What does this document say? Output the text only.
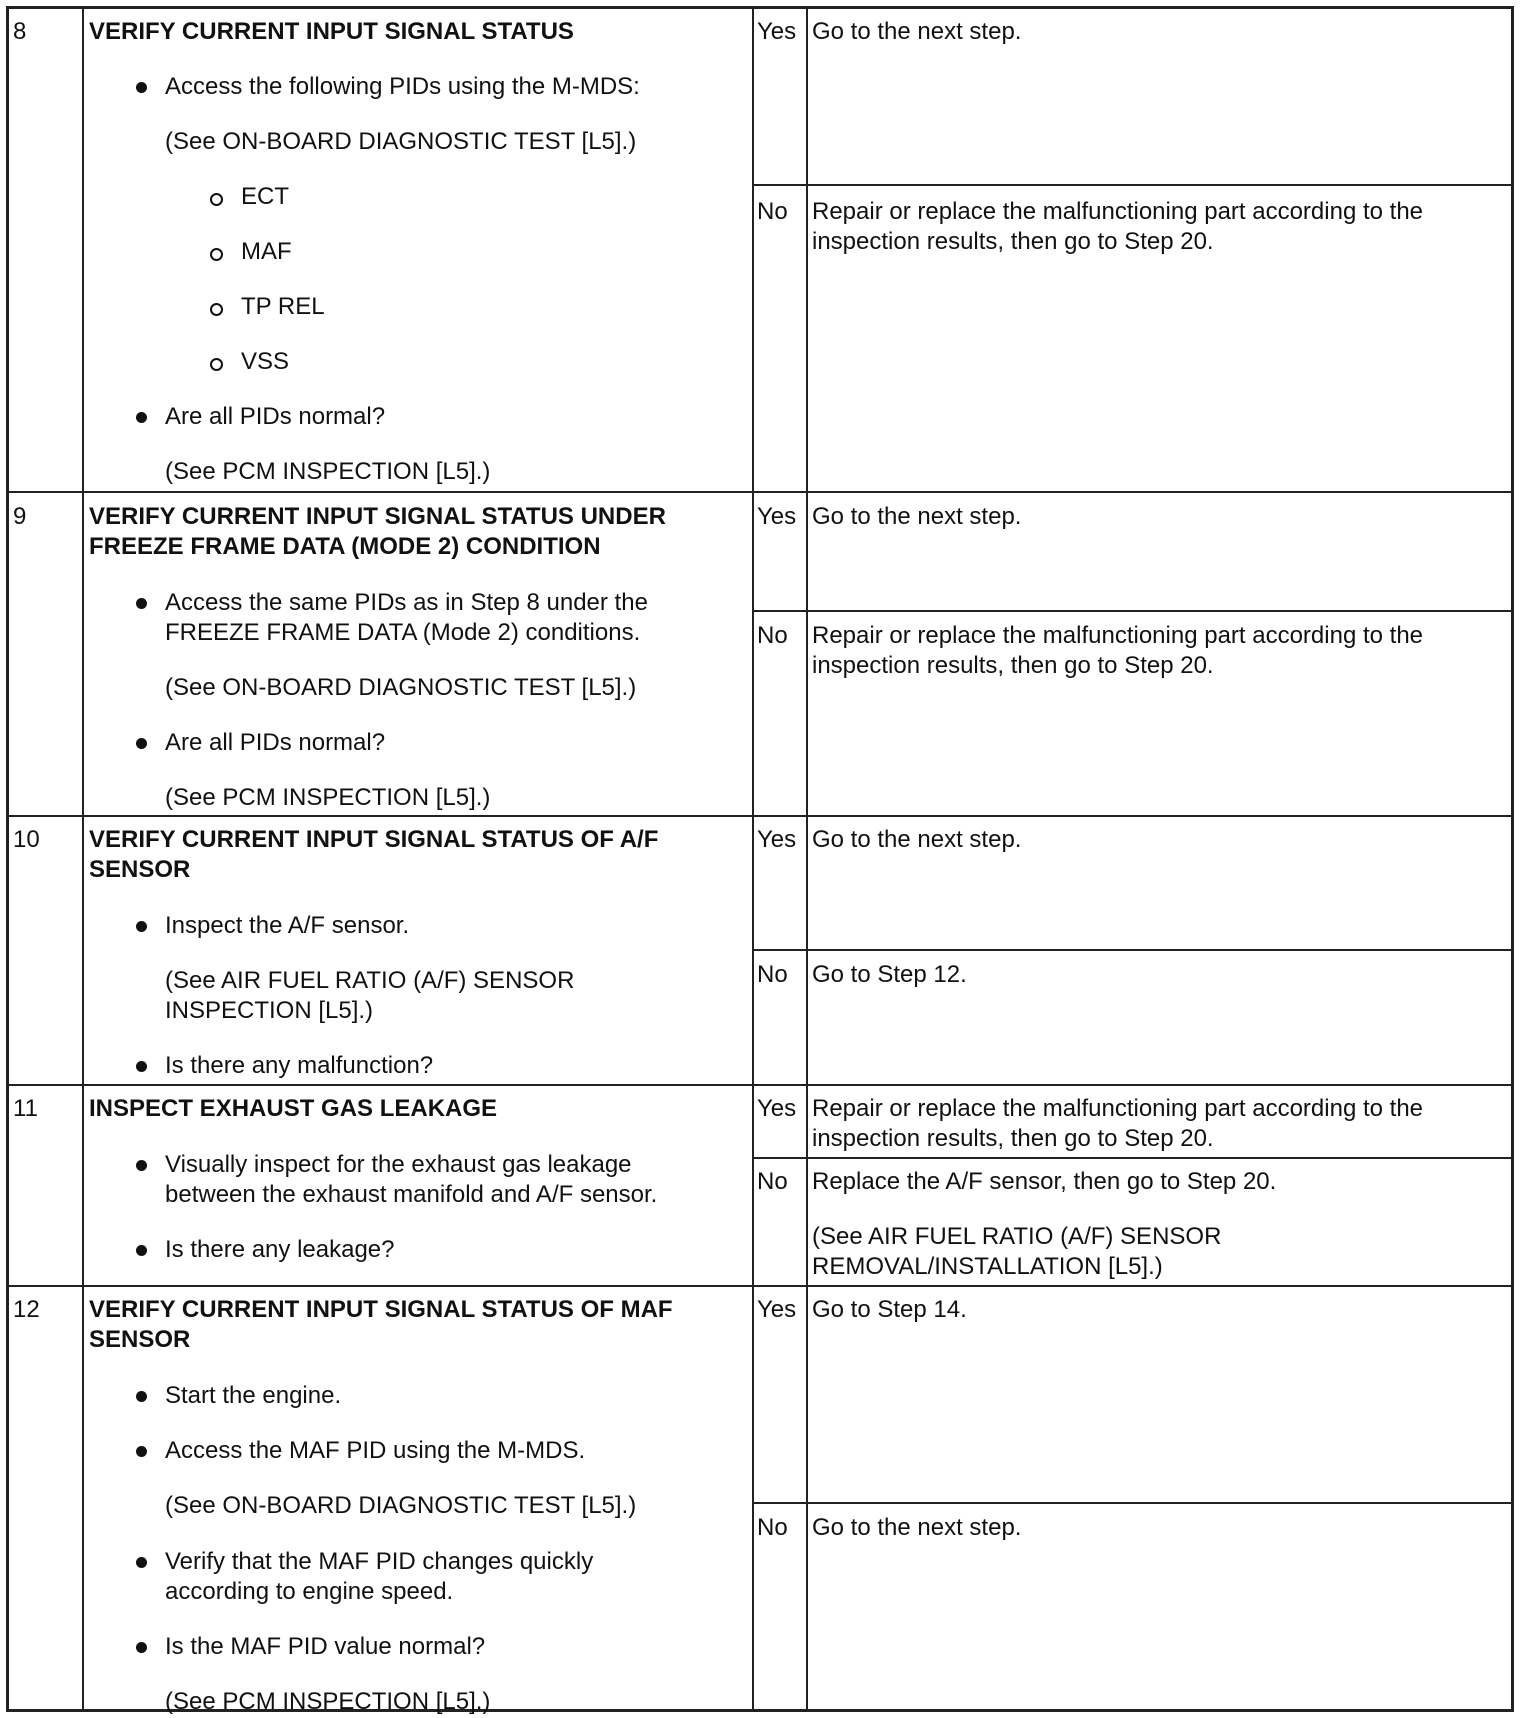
8	VERIFY CURRENT INPUT SIGNAL STATUS
Access the following PIDs using the M-MDS:
(See ON-BOARD DIAGNOSTIC TEST [L5].)
ECT
MAF
TP REL
VSS
Are all PIDs normal?
(See PCM INSPECTION [L5].)
Yes Go to the next step.
No Repair or replace the malfunctioning part according to the
inspection results, then go to Step 20.
9	VERIFY CURRENT INPUT SIGNAL STATUS UNDER
FREEZE FRAME DATA (MODE 2) CONDITION
Access the same PIDs as in Step 8 under the
FREEZE FRAME DATA (Mode 2) conditions.
(See ON-BOARD DIAGNOSTIC TEST [L5].)
Are all PIDs normal?
(See PCM INSPECTION [L5].)
Yes Go to the next step.
No Repair or replace the malfunctioning part according to the
inspection results, then go to Step 20.
10 VERIFY CURRENT INPUT SIGNAL STATUS OF A/F
SENSOR
Inspect the A/F sensor.
(See AIR FUEL RATIO (A/F) SENSOR
INSPECTION [L5].)
Is there any malfunction?
Yes Go to the next step.
No Go to Step 12.
11 INSPECT EXHAUST GAS LEAKAGE
Visually inspect for the exhaust gas leakage
between the exhaust manifold and A/F sensor.
Is there any leakage?
Yes Repair or replace the malfunctioning part according to the
inspection results, then go to Step 20.
No Replace the A/F sensor, then go to Step 20.
(See AIR FUEL RATIO (A/F) SENSOR
REMOVAL/INSTALLATION [L5].)
12 VERIFY CURRENT INPUT SIGNAL STATUS OF MAF
SENSOR
Start the engine.
Access the MAF PID using the M-MDS.
(See ON-BOARD DIAGNOSTIC TEST [L5].)
Verify that the MAF PID changes quickly
according to engine speed.
Is the MAF PID value normal?
(See PCM INSPECTION [L5].)
Yes Go to Step 14.
No Go to the next step.
